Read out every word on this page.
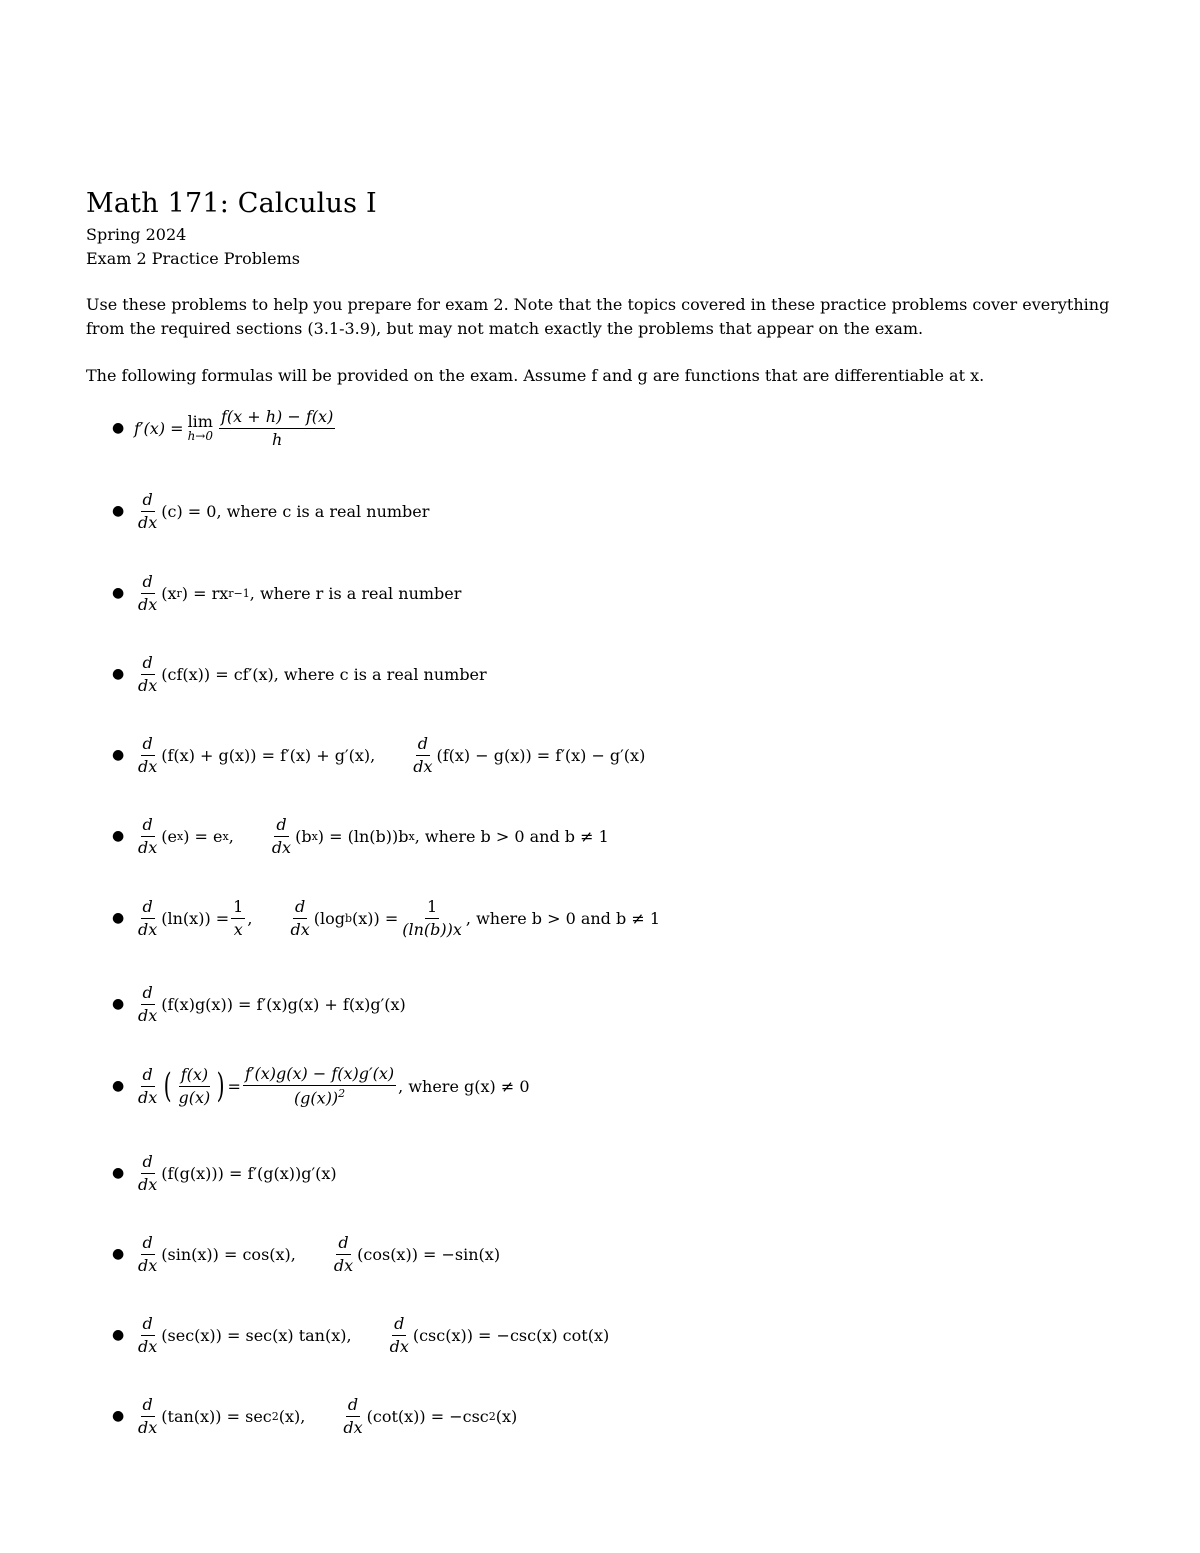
Math 171: Calculus I
Spring 2024
Exam 2 Practice Problems

Use these problems to help you prepare for exam 2. Note that the topics covered in these practice problems cover everything from the required sections (3.1-3.9), but may not match exactly the problems that appear on the exam.

The following formulas will be provided on the exam. Assume f and g are functions that are differentiable at x.

● f′(x) = lim
$h\to 0 \frac{f(x + h) - f(x)}{h}$
● $\frac{d}{dx} (c) = 0$, where c is a real number
● $\frac{d}{dx} (x$ r ) = rx r−1 , where r is a real number
● $\frac{d}{dx} (cf(x)) = cf'(x)$, where c is a real number
● $\frac{d}{dx} (f(x) + g(x)) = f'(x) + g'(x)$, $\frac{d}{dx} (f(x) - g(x)) = f'(x) - g'(x)$
● $\frac{d}{dx} (e$ x ) = e x , $\frac{d}{dx} (b$ x ) = (ln(b))b x , where b > 0 and b ≠ 1
● $\frac{d}{dx} (\ln(x)) = \frac{1}{x}$ , $\frac{d}{dx} (\log$ b $(x)) = \frac{1}{(\ln(b))x}$ , where b > 0 and b ≠ 1
● $\frac{d}{dx} (f(x)g(x)) = f'(x)g(x) + f(x)g'(x)$
● $\frac{d}{dx}$ ( $\frac{f(x)}{g(x)}$ ) = $\frac{f'(x)g(x) - f(x)g'(x)}{(g(x))^2}$ , where g(x) ≠ 0
● $\frac{d}{dx} (f(g(x))) = f'(g(x))g'(x)$
● $\frac{d}{dx} (\sin(x)) = \cos(x)$, $\frac{d}{dx} (\cos(x)) = -\sin(x)$
● $\frac{d}{dx} (\sec(x)) = \sec(x)$ tan(x), $\frac{d}{dx} (\csc(x)) = -\csc(x)$ cot(x)
● $\frac{d}{dx} (\tan(x)) = \sec 2$ (x), $\frac{d}{dx} (\cot(x)) = -\csc$ 2 (x)
